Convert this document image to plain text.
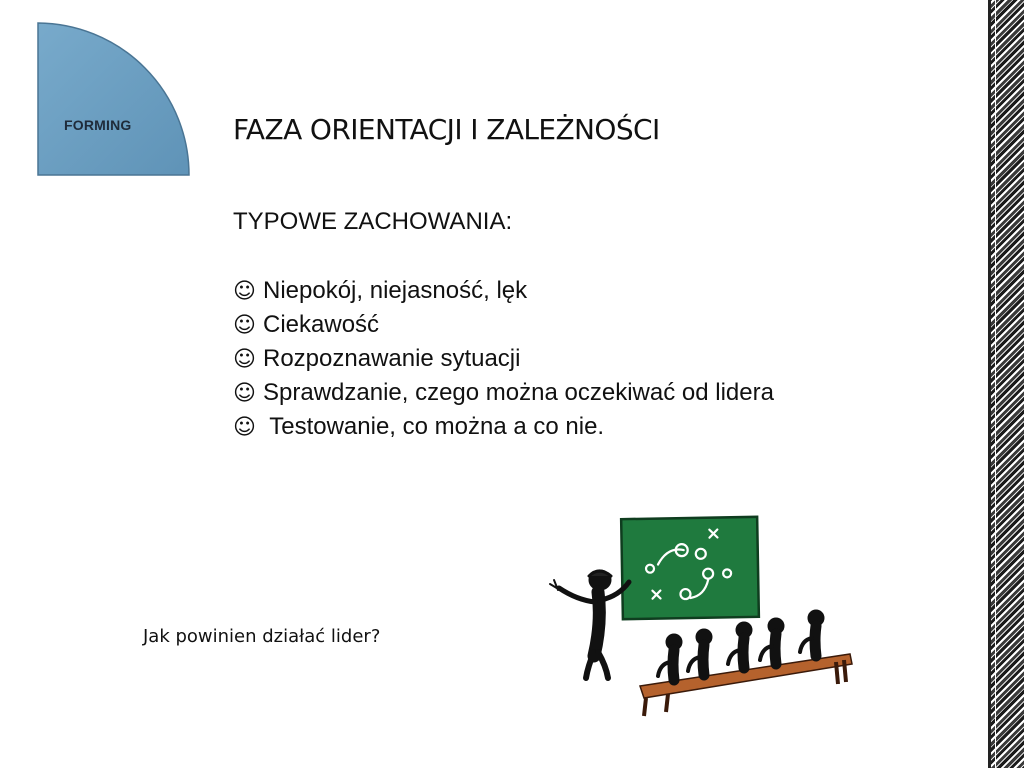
FORMING	FAZA ORIENTACJI I ZALEŻNOŚCI
TYPOWE ZACHOWANIA:
☺ Niepokój, niejasność, lęk
☺ Ciekawość
☺ Rozpoznawanie sytuacji
☺ Sprawdzanie, czego można oczekiwać od lidera
☺ Testowanie, co można a co nie.
Jak powinien działać lider?
